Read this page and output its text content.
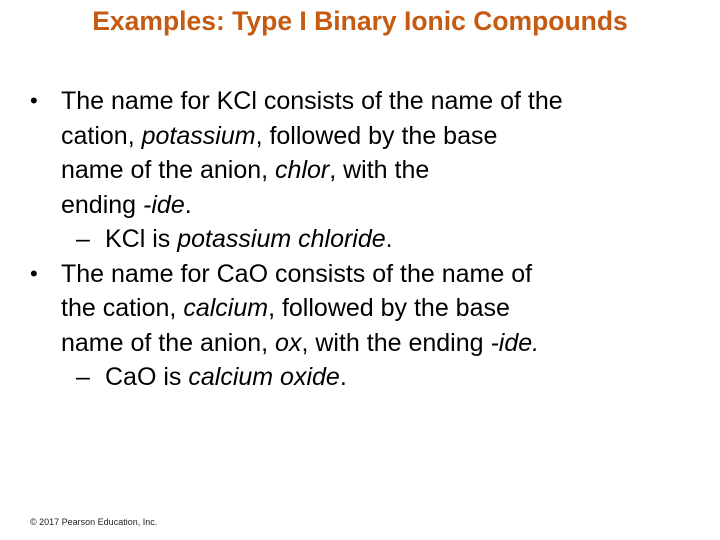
Examples: Type I Binary Ionic Compounds
• The name for KCl consists of the name of the
cation, potassium, followed by the base
name of the anion, chlor, with the
ending -ide.
– KCl is potassium chloride.
• The name for CaO consists of the name of
the cation, calcium, followed by the base
name of the anion, ox, with the ending -ide.
– CaO is calcium oxide.
© 2017 Pearson Education, Inc.
